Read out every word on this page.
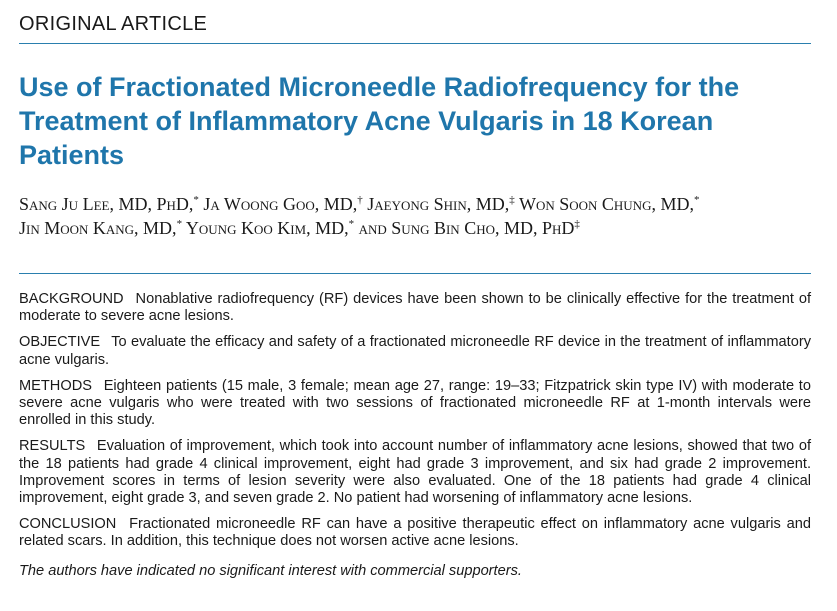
ORIGINAL ARTICLE
Use of Fractionated Microneedle Radiofrequency for the Treatment of Inflammatory Acne Vulgaris in 18 Korean Patients

Sang Ju Lee, MD, PhD,* Ja Woong Goo, MD,† Jaeyong Shin, MD,‡ Won Soon Chung, MD,*
Jin Moon Kang, MD,* Young Koo Kim, MD,* and Sung Bin Cho, MD, PhD‡

BACKGROUND Nonablative radiofrequency (RF) devices have been shown to be clinically effective for the treatment of moderate to severe acne lesions.

OBJECTIVE To evaluate the efficacy and safety of a fractionated microneedle RF device in the treatment of inflammatory acne vulgaris.

METHODS Eighteen patients (15 male, 3 female; mean age 27, range: 19–33; Fitzpatrick skin type IV) with moderate to severe acne vulgaris who were treated with two sessions of fractionated microneedle RF at 1-month intervals were enrolled in this study.

RESULTS Evaluation of improvement, which took into account number of inflammatory acne lesions, showed that two of the 18 patients had grade 4 clinical improvement, eight had grade 3 improvement, and six had grade 2 improvement. Improvement scores in terms of lesion severity were also evaluated. One of the 18 patients had grade 4 clinical improvement, eight grade 3, and seven grade 2. No patient had worsening of inflammatory acne lesions.

CONCLUSION Fractionated microneedle RF can have a positive therapeutic effect on inflammatory acne vulgaris and related scars. In addition, this technique does not worsen active acne lesions.

The authors have indicated no significant interest with commercial supporters.
